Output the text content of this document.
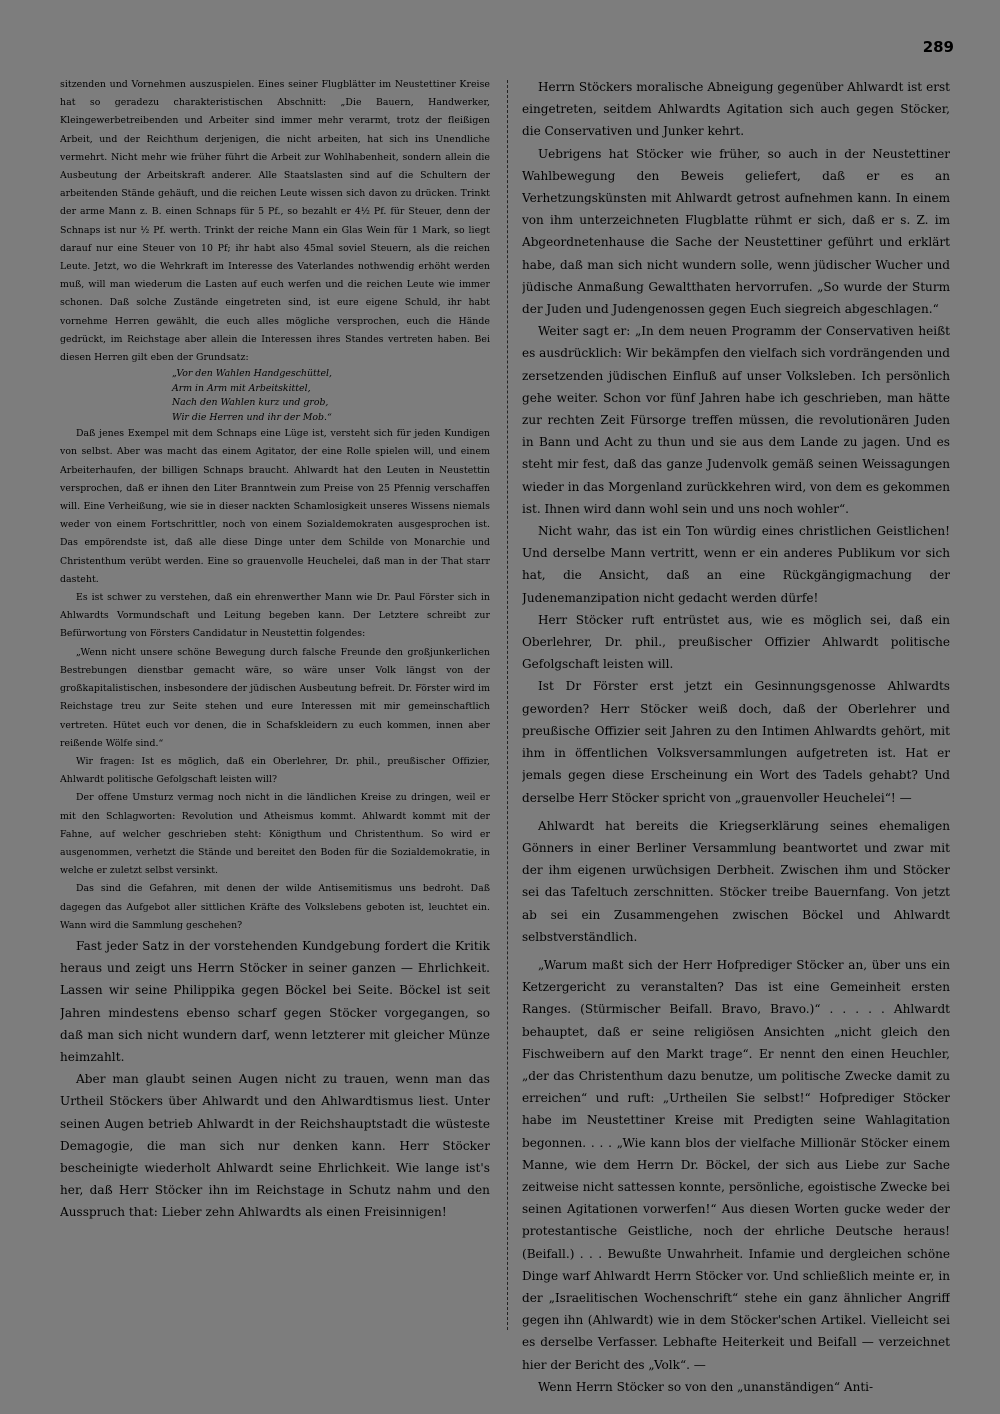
289

sitzenden und Vornehmen auszuspielen. Eines seiner Flugblätter im Neustettiner Kreise hat so geradezu charakteristischen Abschnitt: „Die Bauern, Handwerker, Kleingewerbetreibenden und Arbeiter sind immer mehr verarmt, trotz der fleißigen Arbeit, und der Reichthum derjenigen, die nicht arbeiten, hat sich ins Unendliche vermehrt. Nicht mehr wie früher führt die Arbeit zur Wohlhabenheit, sondern allein die Ausbeutung der Arbeitskraft anderer. Alle Staatslasten sind auf die Schultern der arbeitenden Stände gehäuft, und die reichen Leute wissen sich davon zu drücken. Trinkt der arme Mann z. B. einen Schnaps für 5 Pf., so bezahlt er 4½ Pf. für Steuer, denn der Schnaps ist nur ½ Pf. werth. Trinkt der reiche Mann ein Glas Wein für 1 Mark, so liegt darauf nur eine Steuer von 10 Pf; ihr habt also 45mal soviel Steuern, als die reichen Leute. Jetzt, wo die Wehrkraft im Interesse des Vaterlandes nothwendig erhöht werden muß, will man wiederum die Lasten auf euch werfen und die reichen Leute wie immer schonen. Daß solche Zustände eingetreten sind, ist eure eigene Schuld, ihr habt vornehme Herren gewählt, die euch alles mögliche versprochen, euch die Hände gedrückt, im Reichstage aber allein die Interessen ihres Standes vertreten haben. Bei diesen Herren gilt eben der Grundsatz:

„Vor den Wahlen Handgeschüttel,
Arm in Arm mit Arbeitskittel,
Nach den Wahlen kurz und grob,
Wir die Herren und ihr der Mob.“

Daß jenes Exempel mit dem Schnaps eine Lüge ist, versteht sich für jeden Kundigen von selbst. Aber was macht das einem Agitator, der eine Rolle spielen will, und einem Arbeiterhaufen, der billigen Schnaps braucht. Ahlwardt hat den Leuten in Neustettin versprochen, daß er ihnen den Liter Branntwein zum Preise von 25 Pfennig verschaffen will. Eine Verheißung, wie sie in dieser nackten Schamlosigkeit unseres Wissens niemals weder von einem Fortschrittler, noch von einem Sozialdemokraten ausgesprochen ist. Das empörendste ist, daß alle diese Dinge unter dem Schilde von Monarchie und Christenthum verübt werden. Eine so grauenvolle Heuchelei, daß man in der That starr dasteht.

Es ist schwer zu verstehen, daß ein ehrenwerther Mann wie Dr. Paul Förster sich in Ahlwardts Vormundschaft und Leitung begeben kann. Der Letztere schreibt zur Befürwortung von Försters Candidatur in Neustettin folgendes:

„Wenn nicht unsere schöne Bewegung durch falsche Freunde den großjunkerlichen Bestrebungen dienstbar gemacht wäre, so wäre unser Volk längst von der großkapitalistischen, insbesondere der jüdischen Ausbeutung befreit. Dr. Förster wird im Reichstage treu zur Seite stehen und eure Interessen mit mir gemeinschaftlich vertreten. Hütet euch vor denen, die in Schafskleidern zu euch kommen, innen aber reißende Wölfe sind.“

Wir fragen: Ist es möglich, daß ein Oberlehrer, Dr. phil., preußischer Offizier, Ahlwardt politische Gefolgschaft leisten will?

Der offene Umsturz vermag noch nicht in die ländlichen Kreise zu dringen, weil er mit den Schlagworten: Revolution und Atheismus kommt. Ahlwardt kommt mit der Fahne, auf welcher geschrieben steht: Königthum und Christenthum. So wird er ausgenommen, verhetzt die Stände und bereitet den Boden für die Sozialdemokratie, in welche er zuletzt selbst versinkt.

Das sind die Gefahren, mit denen der wilde Antisemitismus uns bedroht. Daß dagegen das Aufgebot aller sittlichen Kräfte des Volkslebens geboten ist, leuchtet ein. Wann wird die Sammlung geschehen?

Fast jeder Satz in der vorstehenden Kundgebung fordert die Kritik heraus und zeigt uns Herrn Stöcker in seiner ganzen — Ehrlichkeit. Lassen wir seine Philippika gegen Böckel bei Seite. Böckel ist seit Jahren mindestens ebenso scharf gegen Stöcker vorgegangen, so daß man sich nicht wundern darf, wenn letzterer mit gleicher Münze heimzahlt.

Aber man glaubt seinen Augen nicht zu trauen, wenn man das Urtheil Stöckers über Ahlwardt und den Ahlwardtismus liest. Unter seinen Augen betrieb Ahlwardt in der Reichshauptstadt die wüsteste Demagogie, die man sich nur denken kann. Herr Stöcker bescheinigte wiederholt Ahlwardt seine Ehrlichkeit. Wie lange ist's her, daß Herr Stöcker ihn im Reichstage in Schutz nahm und den Ausspruch that: Lieber zehn Ahlwardts als einen Freisinnigen!

Herrn Stöckers moralische Abneigung gegenüber Ahlwardt ist erst eingetreten, seitdem Ahlwardts Agitation sich auch gegen Stöcker, die Conservativen und Junker kehrt.

Uebrigens hat Stöcker wie früher, so auch in der Neustettiner Wahlbewegung den Beweis geliefert, daß er es an Verhetzungskünsten mit Ahlwardt getrost aufnehmen kann. In einem von ihm unterzeichneten Flugblatte rühmt er sich, daß er s. Z. im Abgeordnetenhause die Sache der Neustettiner geführt und erklärt habe, daß man sich nicht wundern solle, wenn jüdischer Wucher und jüdische Anmaßung Gewaltthaten hervorrufen. „So wurde der Sturm der Juden und Judengenossen gegen Euch siegreich abgeschlagen.“

Weiter sagt er: „In dem neuen Programm der Conservativen heißt es ausdrücklich: Wir bekämpfen den vielfach sich vordrängenden und zersetzenden jüdischen Einfluß auf unser Volksleben. Ich persönlich gehe weiter. Schon vor fünf Jahren habe ich geschrieben, man hätte zur rechten Zeit Fürsorge treffen müssen, die revolutionären Juden in Bann und Acht zu thun und sie aus dem Lande zu jagen. Und es steht mir fest, daß das ganze Judenvolk gemäß seinen Weissagungen wieder in das Morgenland zurückkehren wird, von dem es gekommen ist. Ihnen wird dann wohl sein und uns noch wohler“.

Nicht wahr, das ist ein Ton würdig eines christlichen Geistlichen! Und derselbe Mann vertritt, wenn er ein anderes Publikum vor sich hat, die Ansicht, daß an eine Rückgängigmachung der Judenemanzipation nicht gedacht werden dürfe!

Herr Stöcker ruft entrüstet aus, wie es möglich sei, daß ein Oberlehrer, Dr. phil., preußischer Offizier Ahlwardt politische Gefolgschaft leisten will.

Ist Dr Förster erst jetzt ein Gesinnungsgenosse Ahlwardts geworden? Herr Stöcker weiß doch, daß der Oberlehrer und preußische Offizier seit Jahren zu den Intimen Ahlwardts gehört, mit ihm in öffentlichen Volksversammlungen aufgetreten ist. Hat er jemals gegen diese Erscheinung ein Wort des Tadels gehabt? Und derselbe Herr Stöcker spricht von „grauenvoller Heuchelei“! —

Ahlwardt hat bereits die Kriegserklärung seines ehemaligen Gönners in einer Berliner Versammlung beantwortet und zwar mit der ihm eigenen urwüchsigen Derbheit. Zwischen ihm und Stöcker sei das Tafeltuch zerschnitten. Stöcker treibe Bauernfang. Von jetzt ab sei ein Zusammengehen zwischen Böckel und Ahlwardt selbstverständlich.

„Warum maßt sich der Herr Hofprediger Stöcker an, über uns ein Ketzergericht zu veranstalten? Das ist eine Gemeinheit ersten Ranges. (Stürmischer Beifall. Bravo, Bravo.)“ . . . . . Ahlwardt behauptet, daß er seine religiösen Ansichten „nicht gleich den Fischweibern auf den Markt trage“. Er nennt den einen Heuchler, „der das Christenthum dazu benutze, um politische Zwecke damit zu erreichen“ und ruft: „Urtheilen Sie selbst!“ Hofprediger Stöcker habe im Neustettiner Kreise mit Predigten seine Wahlagitation begonnen. . . . „Wie kann blos der vielfache Millionär Stöcker einem Manne, wie dem Herrn Dr. Böckel, der sich aus Liebe zur Sache zeitweise nicht sattessen konnte, persönliche, egoistische Zwecke bei seinen Agitationen vorwerfen!“ Aus diesen Worten gucke weder der protestantische Geistliche, noch der ehrliche Deutsche heraus! (Beifall.) . . . Bewußte Unwahrheit. Infamie und dergleichen schöne Dinge warf Ahlwardt Herrn Stöcker vor. Und schließlich meinte er, in der „Israelitischen Wochenschrift“ stehe ein ganz ähnlicher Angriff gegen ihn (Ahlwardt) wie in dem Stöcker'schen Artikel. Vielleicht sei es derselbe Verfasser. Lebhafte Heiterkeit und Beifall — verzeichnet hier der Bericht des „Volk“. —

Wenn Herrn Stöcker so von den „unanständigen“ Anti-
